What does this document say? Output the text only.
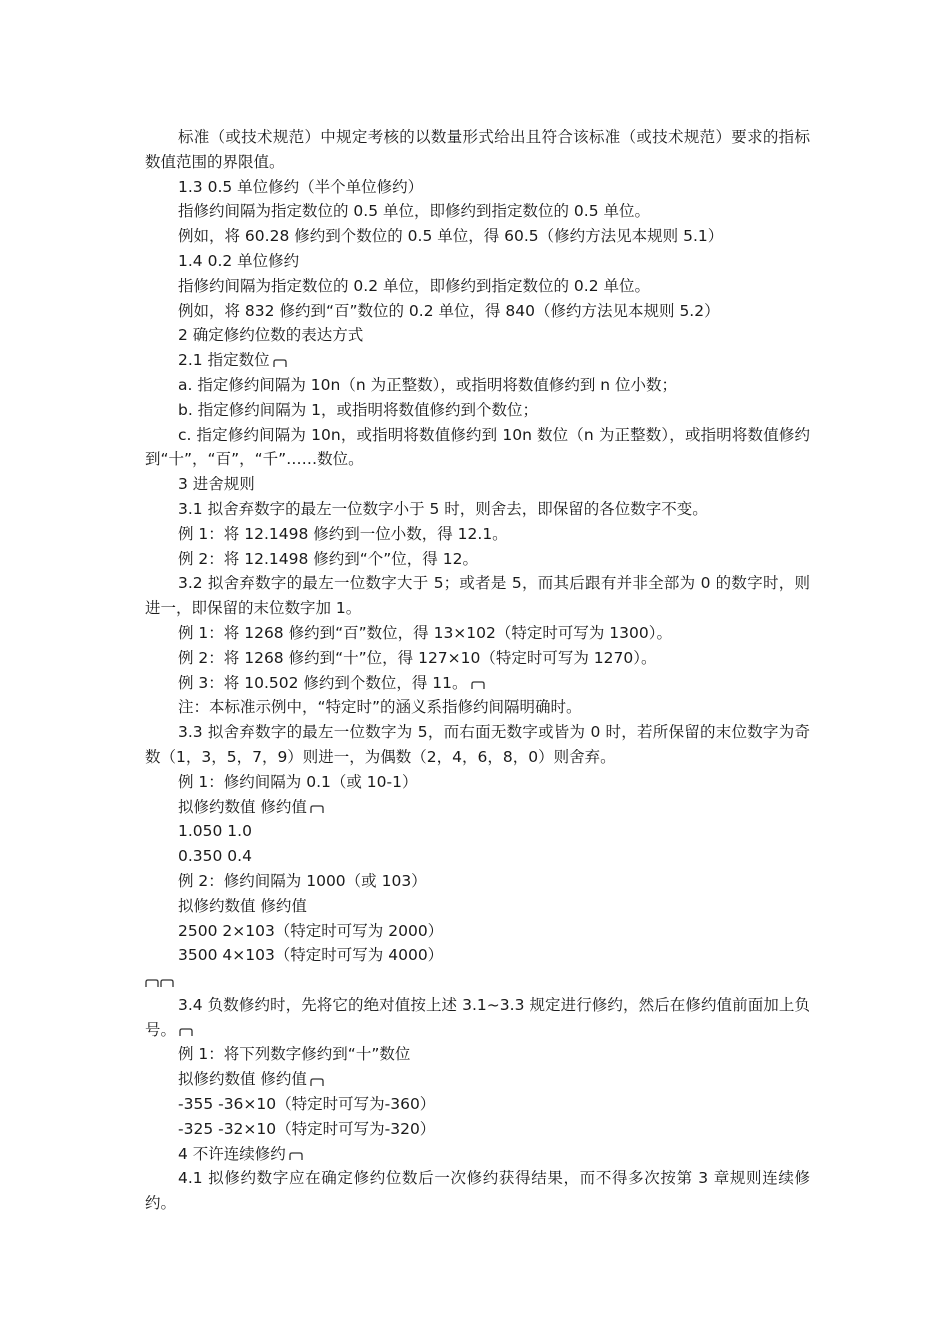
标准（或技术规范）中规定考核的以数量形式给出且符合该标准（或技术规范）要求的指标数值范围的界限值。

1.3 0.5 单位修约（半个单位修约）

指修约间隔为指定数位的 0.5 单位，即修约到指定数位的 0.5 单位。

例如，将 60.28 修约到个数位的 0.5 单位，得 60.5（修约方法见本规则 5.1）

1.4 0.2 单位修约

指修约间隔为指定数位的 0.2 单位，即修约到指定数位的 0.2 单位。

例如，将 832 修约到“百”数位的 0.2 单位，得 840（修约方法见本规则 5.2）

2 确定修约位数的表达方式

2.1 指定数位

a. 指定修约间隔为 10n（n 为正整数），或指明将数值修约到 n 位小数；

b. 指定修约间隔为 1，或指明将数值修约到个数位；

c. 指定修约间隔为 10n，或指明将数值修约到 10n 数位（n 为正整数），或指明将数值修约到“十”，“百”，“千”……数位。

3 进舍规则

3.1 拟舍弃数字的最左一位数字小于 5 时，则舍去，即保留的各位数字不变。

例 1：将 12.1498 修约到一位小数，得 12.1。

例 2：将 12.1498 修约到“个”位，得 12。

3.2 拟舍弃数字的最左一位数字大于 5；或者是 5，而其后跟有并非全部为 0 的数字时，则进一，即保留的末位数字加 1。

例 1：将 1268 修约到“百”数位，得 13×102（特定时可写为 1300）。

例 2：将 1268 修约到“十”位，得 127×10（特定时可写为 1270）。

例 3：将 10.502 修约到个数位，得 11。

注：本标准示例中，“特定时”的涵义系指修约间隔明确时。

3.3 拟舍弃数字的最左一位数字为 5，而右面无数字或皆为 0 时，若所保留的末位数字为奇数（1，3，5，7，9）则进一，为偶数（2，4，6，8，0）则舍弃。

例 1：修约间隔为 0.1（或 10-1）

拟修约数值 修约值

1.050 1.0

0.350 0.4

例 2：修约间隔为 1000（或 103）

拟修约数值 修约值

2500 2×103（特定时可写为 2000）

3500 4×103（特定时可写为 4000）

3.4 负数修约时，先将它的绝对值按上述 3.1~3.3 规定进行修约，然后在修约值前面加上负号。

例 1：将下列数字修约到“十”数位

拟修约数值 修约值

-355 -36×10（特定时可写为-360）

-325 -32×10（特定时可写为-320）

4 不许连续修约

4.1 拟修约数字应在确定修约位数后一次修约获得结果，而不得多次按第 3 章规则连续修约。
